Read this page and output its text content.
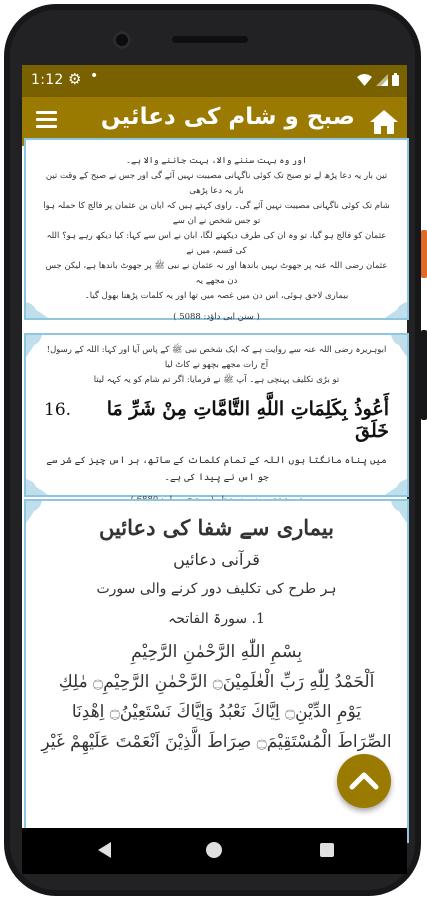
1:12 ⚙ •
صبح و شام کی دعائیں

اور وہ بہت سننے والا، بہت جاننے والا ہے۔

تین بار یہ دعا پڑھ لے تو صبح تک کوئی ناگہانی مصیبت نہیں آئے گی اور جس نے صبح کے وقت تین بار یہ دعا پڑھی

شام تک کوئی ناگہانی مصیبت نہیں آئے گی۔ راوی کہتے ہیں کہ ابان بن عثمان پر فالج کا حملہ ہوا تو جس شخص نے ان سے

عثمان کو فالج ہو گیا، تو وہ ان کی طرف دیکھنے لگا، ابان نے اس سے کہا: کیا دیکھ رہے ہو؟ اللہ کی قسم، میں نے

عثمان رضی اللہ عنہ پر جھوٹ نہیں باندھا اور نہ عثمان نے نبی ﷺ پر جھوٹ باندھا ہے، لیکن جس دن مجھے یہ

بیماری لاحق ہوئی، اس دن میں غصہ میں تھا اور یہ کلمات پڑھنا بھول گیا۔

( سنن ابی داؤد: 5088 )

ابوہریرہ رضی اللہ عنہ سے روایت ہے کہ ایک شخص نبی ﷺ کے پاس آیا اور کہا: اللہ کے رسول! آج رات مجھے بچھو نے کاٹ لیا

تو بڑی تکلیف پہنچی ہے۔ آپ ﷺ نے فرمایا: اگر تم شام کو یہ کہہ لیتا

أَعُوذُ بِكَلِمَاتِ اللَّهِ التَّامَّاتِ مِنْ شَرِّ مَا خَلَقَ
16.

میں پناہ مانگتا ہوں اللہ کے تمام کلمات کے ساتھ، ہر اس چیز کے شر سے جو اس نے پیدا کی ہے۔

بیماری سے شفا کی دعائیں

قرآنی دعائیں

ہر طرح کی تکلیف دور کرنے والی سورت

1. سورۃ الفاتحہ

بِسْمِ اللّٰهِ الرَّحْمٰنِ الرَّحِيْمِ

اَلْحَمْدُ لِلّٰهِ رَبِّ الْعٰلَمِيْنَ۝ الرَّحْمٰنِ الرَّحِيْمِ۝ مٰلِكِ

يَوْمِ الدِّيْنِ۝ اِيَّاكَ نَعْبُدُ وَاِيَّاكَ نَسْتَعِيْنُ۝ اِهْدِنَا

الصِّرَاطَ الْمُسْتَقِيْمَ۝ صِرَاطَ الَّذِيْنَ اَنْعَمْتَ عَلَيْهِمْ غَيْرِ
